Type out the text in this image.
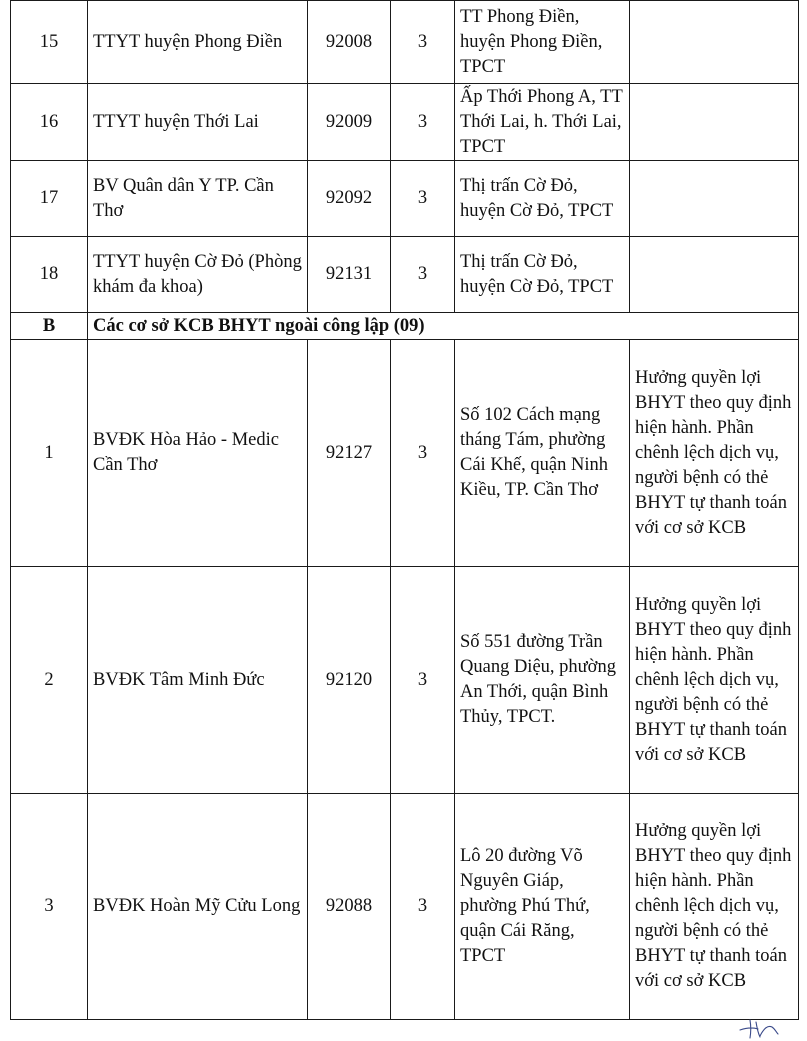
15	TTYT huyện Phong Điền	92008	3	TT Phong Điền, huyện Phong Điền, TPCT	
16	TTYT huyện Thới Lai	92009	3	Ấp Thới Phong A, TT Thới Lai, h. Thới Lai, TPCT	
17	BV Quân dân Y TP. Cần Thơ	92092	3	Thị trấn Cờ Đỏ, huyện Cờ Đỏ, TPCT	
18	TTYT huyện Cờ Đỏ (Phòng khám đa khoa)	92131	3	Thị trấn Cờ Đỏ, huyện Cờ Đỏ, TPCT	
B	Các cơ sở KCB BHYT ngoài công lập (09)				
1	BVĐK Hòa Hảo - Medic Cần Thơ	92127	3	Số 102 Cách mạng tháng Tám, phường Cái Khế, quận Ninh Kiều, TP. Cần Thơ	Hưởng quyền lợi BHYT theo quy định hiện hành. Phần chênh lệch dịch vụ, người bệnh có thẻ BHYT tự thanh toán với cơ sở KCB
2	BVĐK Tâm Minh Đức	92120	3	Số 551 đường Trần Quang Diệu, phường An Thới, quận Bình Thủy, TPCT.	Hưởng quyền lợi BHYT theo quy định hiện hành. Phần chênh lệch dịch vụ, người bệnh có thẻ BHYT tự thanh toán với cơ sở KCB
3	BVĐK Hoàn Mỹ Cửu Long	92088	3	Lô 20 đường Võ Nguyên Giáp, phường Phú Thứ, quận Cái Răng, TPCT	Hưởng quyền lợi BHYT theo quy định hiện hành. Phần chênh lệch dịch vụ, người bệnh có thẻ BHYT tự thanh toán với cơ sở KCB
